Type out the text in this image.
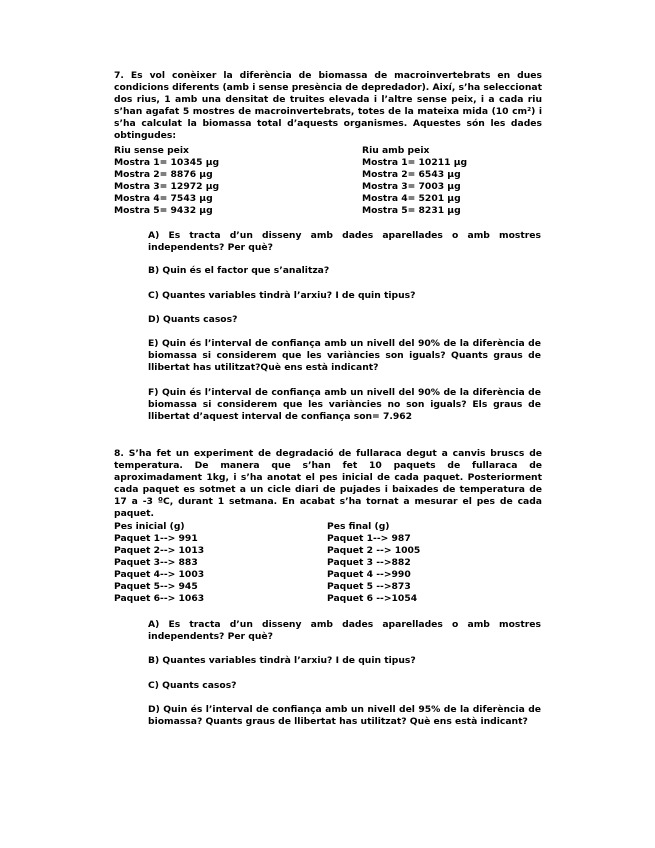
7. Es vol conèixer la diferència de biomassa de macroinvertebrats en dues condicions diferents (amb i sense presència de depredador). Així, s’ha seleccionat dos rius, 1 amb una densitat de truites elevada i l’altre sense peix, i a cada riu s’han agafat 5 mostres de macroinvertebrats, totes de la mateixa mida (10 cm²) i s’ha calculat la biomassa total d’aquests organismes. Aquestes són les dades obtingudes:

Riu sense peix
Mostra 1= 10345 µg
Mostra 2= 8876 µg
Mostra 3= 12972 µg
Mostra 4= 7543 µg
Mostra 5= 9432 µg
Riu amb peix
Mostra 1= 10211 µg
Mostra 2= 6543 µg
Mostra 3= 7003 µg
Mostra 4= 5201 µg
Mostra 5= 8231 µg

A) Es tracta d’un disseny amb dades aparellades o amb mostres independents? Per què?

B) Quin és el factor que s’analitza?

C) Quantes variables tindrà l’arxiu? I de quin tipus?

D) Quants casos?

E) Quin és l’interval de confiança amb un nivell del 90% de la diferència de biomassa si considerem que les variàncies son iguals? Quants graus de llibertat has utilitzat?Què ens està indicant?

F) Quin és l’interval de confiança amb un nivell del 90% de la diferència de biomassa si considerem que les variàncies no son iguals? Els graus de llibertat d’aquest interval de confiança son= 7.962

8. S’ha fet un experiment de degradació de fullaraca degut a canvis bruscs de temperatura. De manera que s’han fet 10 paquets de fullaraca de aproximadament 1kg, i s’ha anotat el pes inicial de cada paquet. Posteriorment cada paquet es sotmet a un cicle diari de pujades i baixades de temperatura de 17 a -3 ºC, durant 1 setmana. En acabat s’ha tornat a mesurar el pes de cada paquet.

Pes inicial (g)
Paquet 1--> 991
Paquet 2--> 1013
Paquet 3--> 883
Paquet 4--> 1003
Paquet 5--> 945
Paquet 6--> 1063
Pes final (g)
Paquet 1--> 987
Paquet 2 --> 1005
Paquet 3 -->882
Paquet 4 -->990
Paquet 5 -->873
Paquet 6 -->1054

A) Es tracta d’un disseny amb dades aparellades o amb mostres independents? Per què?

B) Quantes variables tindrà l’arxiu? I de quin tipus?

C) Quants casos?

D) Quin és l’interval de confiança amb un nivell del 95% de la diferència de biomassa? Quants graus de llibertat has utilitzat? Què ens està indicant?
